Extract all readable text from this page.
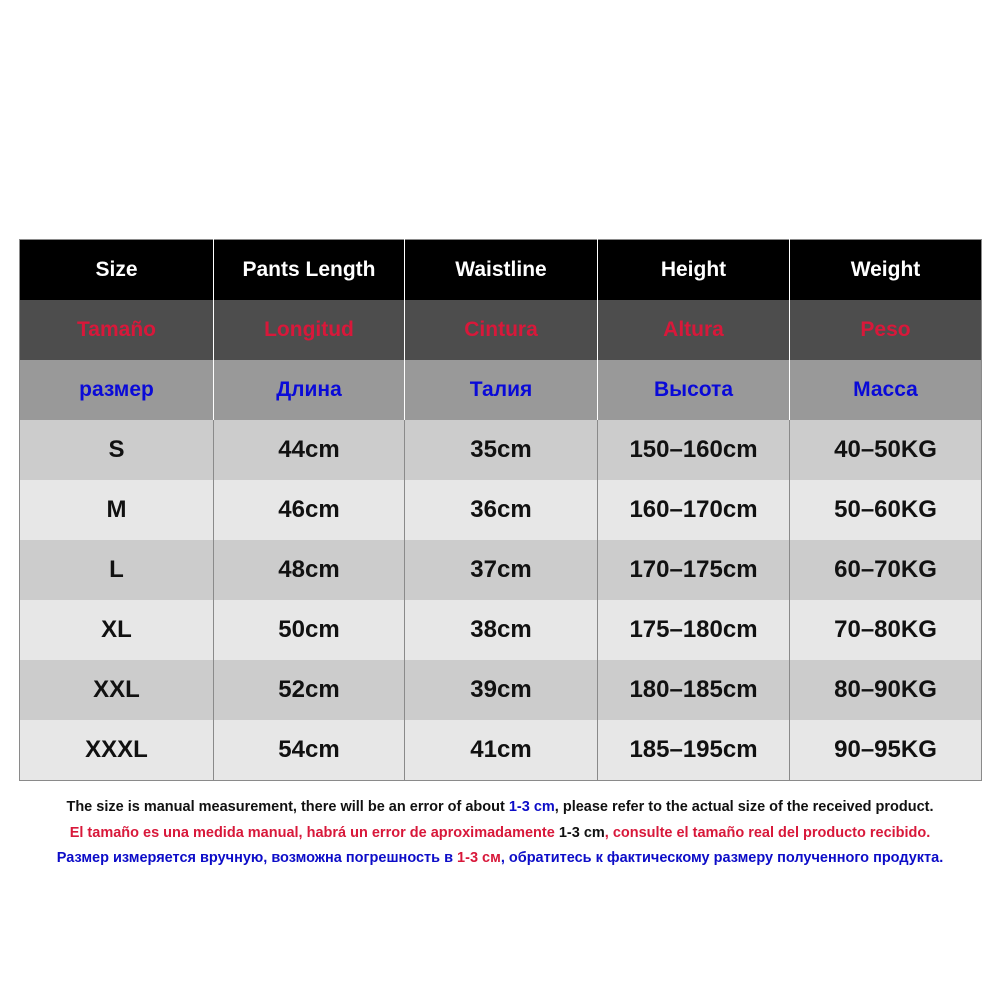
Size	Pants Length	Waistline	Height	Weight
Tamaño	Longitud	Cintura	Altura	Peso
размер	Длина	Талия	Высота	Масса
S	44cm	35cm	150–160cm	40–50KG
M	46cm	36cm	160–170cm	50–60KG
L	48cm	37cm	170–175cm	60–70KG
XL	50cm	38cm	175–180cm	70–80KG
XXL	52cm	39cm	180–185cm	80–90KG
XXXL	54cm	41cm	185–195cm	90–95KG
The size is manual measurement, there will be an error of about 1-3 cm, please refer to the actual size of the received product.
El tamaño es una medida manual, habrá un error de aproximadamente 1-3 cm, consulte el tamaño real del producto recibido.
Размер измеряется вручную, возможна погрешность в 1-3 см, обратитесь к фактическому размеру полученного продукта.
